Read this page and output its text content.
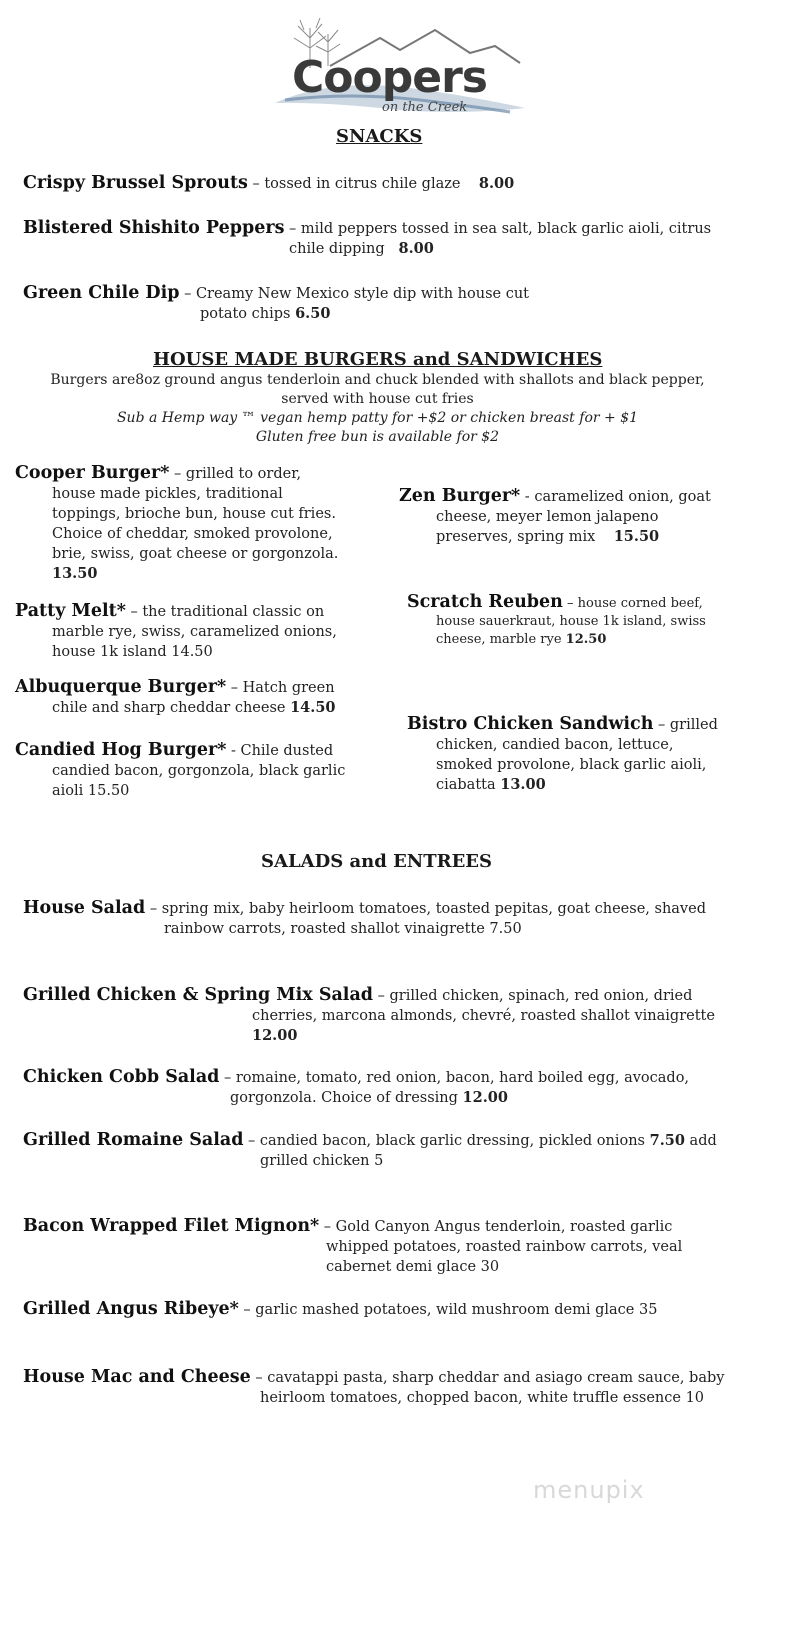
Coopers
on the Creek
SNACKS
Crispy Brussel Sprouts – tossed in citrus chile glaze 8.00
Blistered Shishito Peppers – mild peppers tossed in sea salt, black garlic aioli, citrus
chile dipping 8.00
Green Chile Dip – Creamy New Mexico style dip with house cut
potato chips 6.50
HOUSE MADE BURGERS and SANDWICHES
Burgers are8oz ground angus tenderloin and chuck blended with shallots and black pepper,
served with house cut fries
Sub a Hemp way ™ vegan hemp patty for +$2 or chicken breast for + $1
Gluten free bun is available for $2
Cooper Burger* – grilled to order,
house made pickles, traditional
toppings, brioche bun, house cut fries.
Choice of cheddar, smoked provolone,
brie, swiss, goat cheese or gorgonzola.
13.50
Patty Melt* – the traditional classic on
marble rye, swiss, caramelized onions,
house 1k island 14.50
Albuquerque Burger* – Hatch green
chile and sharp cheddar cheese 14.50
Candied Hog Burger* - Chile dusted
candied bacon, gorgonzola, black garlic
aioli 15.50
Zen Burger* - caramelized onion, goat
cheese, meyer lemon jalapeno
preserves, spring mix 15.50
Scratch Reuben – house corned beef,
house sauerkraut, house 1k island, swiss
cheese, marble rye 12.50
Bistro Chicken Sandwich – grilled
chicken, candied bacon, lettuce,
smoked provolone, black garlic aioli,
ciabatta 13.00
SALADS and ENTREES
House Salad – spring mix, baby heirloom tomatoes, toasted pepitas, goat cheese, shaved
rainbow carrots, roasted shallot vinaigrette 7.50
Grilled Chicken & Spring Mix Salad – grilled chicken, spinach, red onion, dried
cherries, marcona almonds, chevré, roasted shallot vinaigrette
12.00
Chicken Cobb Salad – romaine, tomato, red onion, bacon, hard boiled egg, avocado,
gorgonzola. Choice of dressing 12.00
Grilled Romaine Salad – candied bacon, black garlic dressing, pickled onions 7.50 add
grilled chicken 5
Bacon Wrapped Filet Mignon* – Gold Canyon Angus tenderloin, roasted garlic
whipped potatoes, roasted rainbow carrots, veal
cabernet demi glace 30
Grilled Angus Ribeye* – garlic mashed potatoes, wild mushroom demi glace 35
House Mac and Cheese – cavatappi pasta, sharp cheddar and asiago cream sauce, baby
heirloom tomatoes, chopped bacon, white truffle essence 10
menupix
